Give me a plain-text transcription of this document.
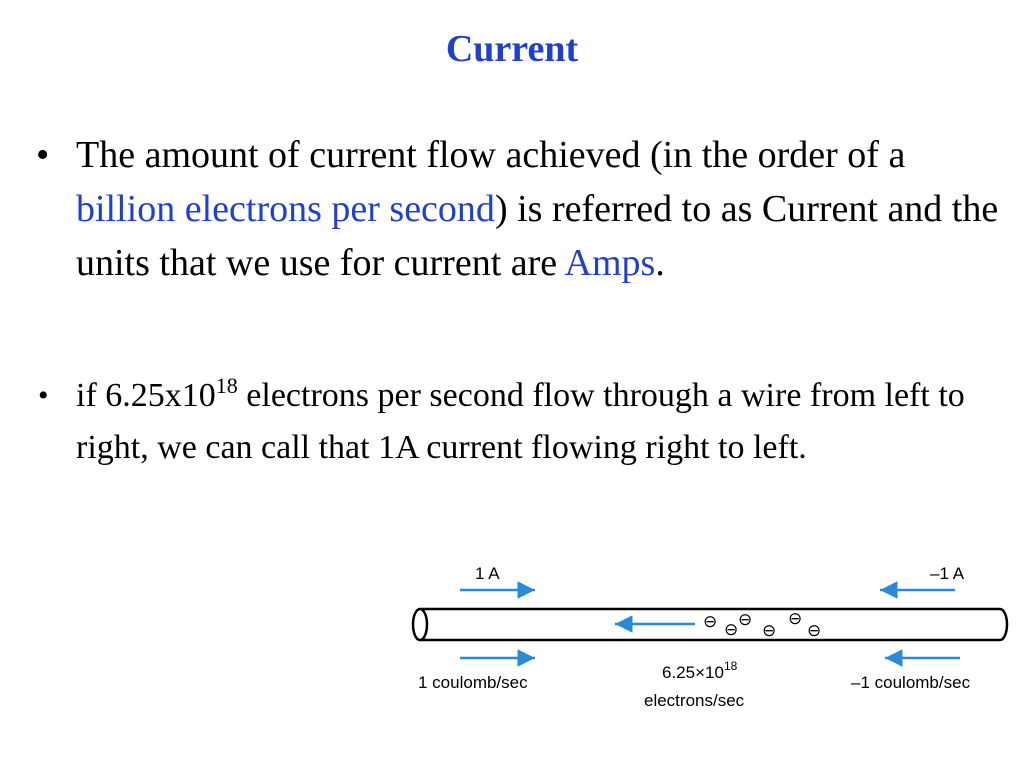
Current
• The amount of current flow achieved (in the order of a billion electrons per second) is referred to as Current and the units that we use for current are Amps.
• if $6.25x10^{18}$ electrons per second flow through a wire from left to right, we can call that 1A current flowing right to left.
1 A	–1 A
⊖ ⊖
⊖
⊖
⊖
⊖
1 coulomb/sec	–1 coulomb/sec
$6.25\times 10^{18}$
electrons/sec
